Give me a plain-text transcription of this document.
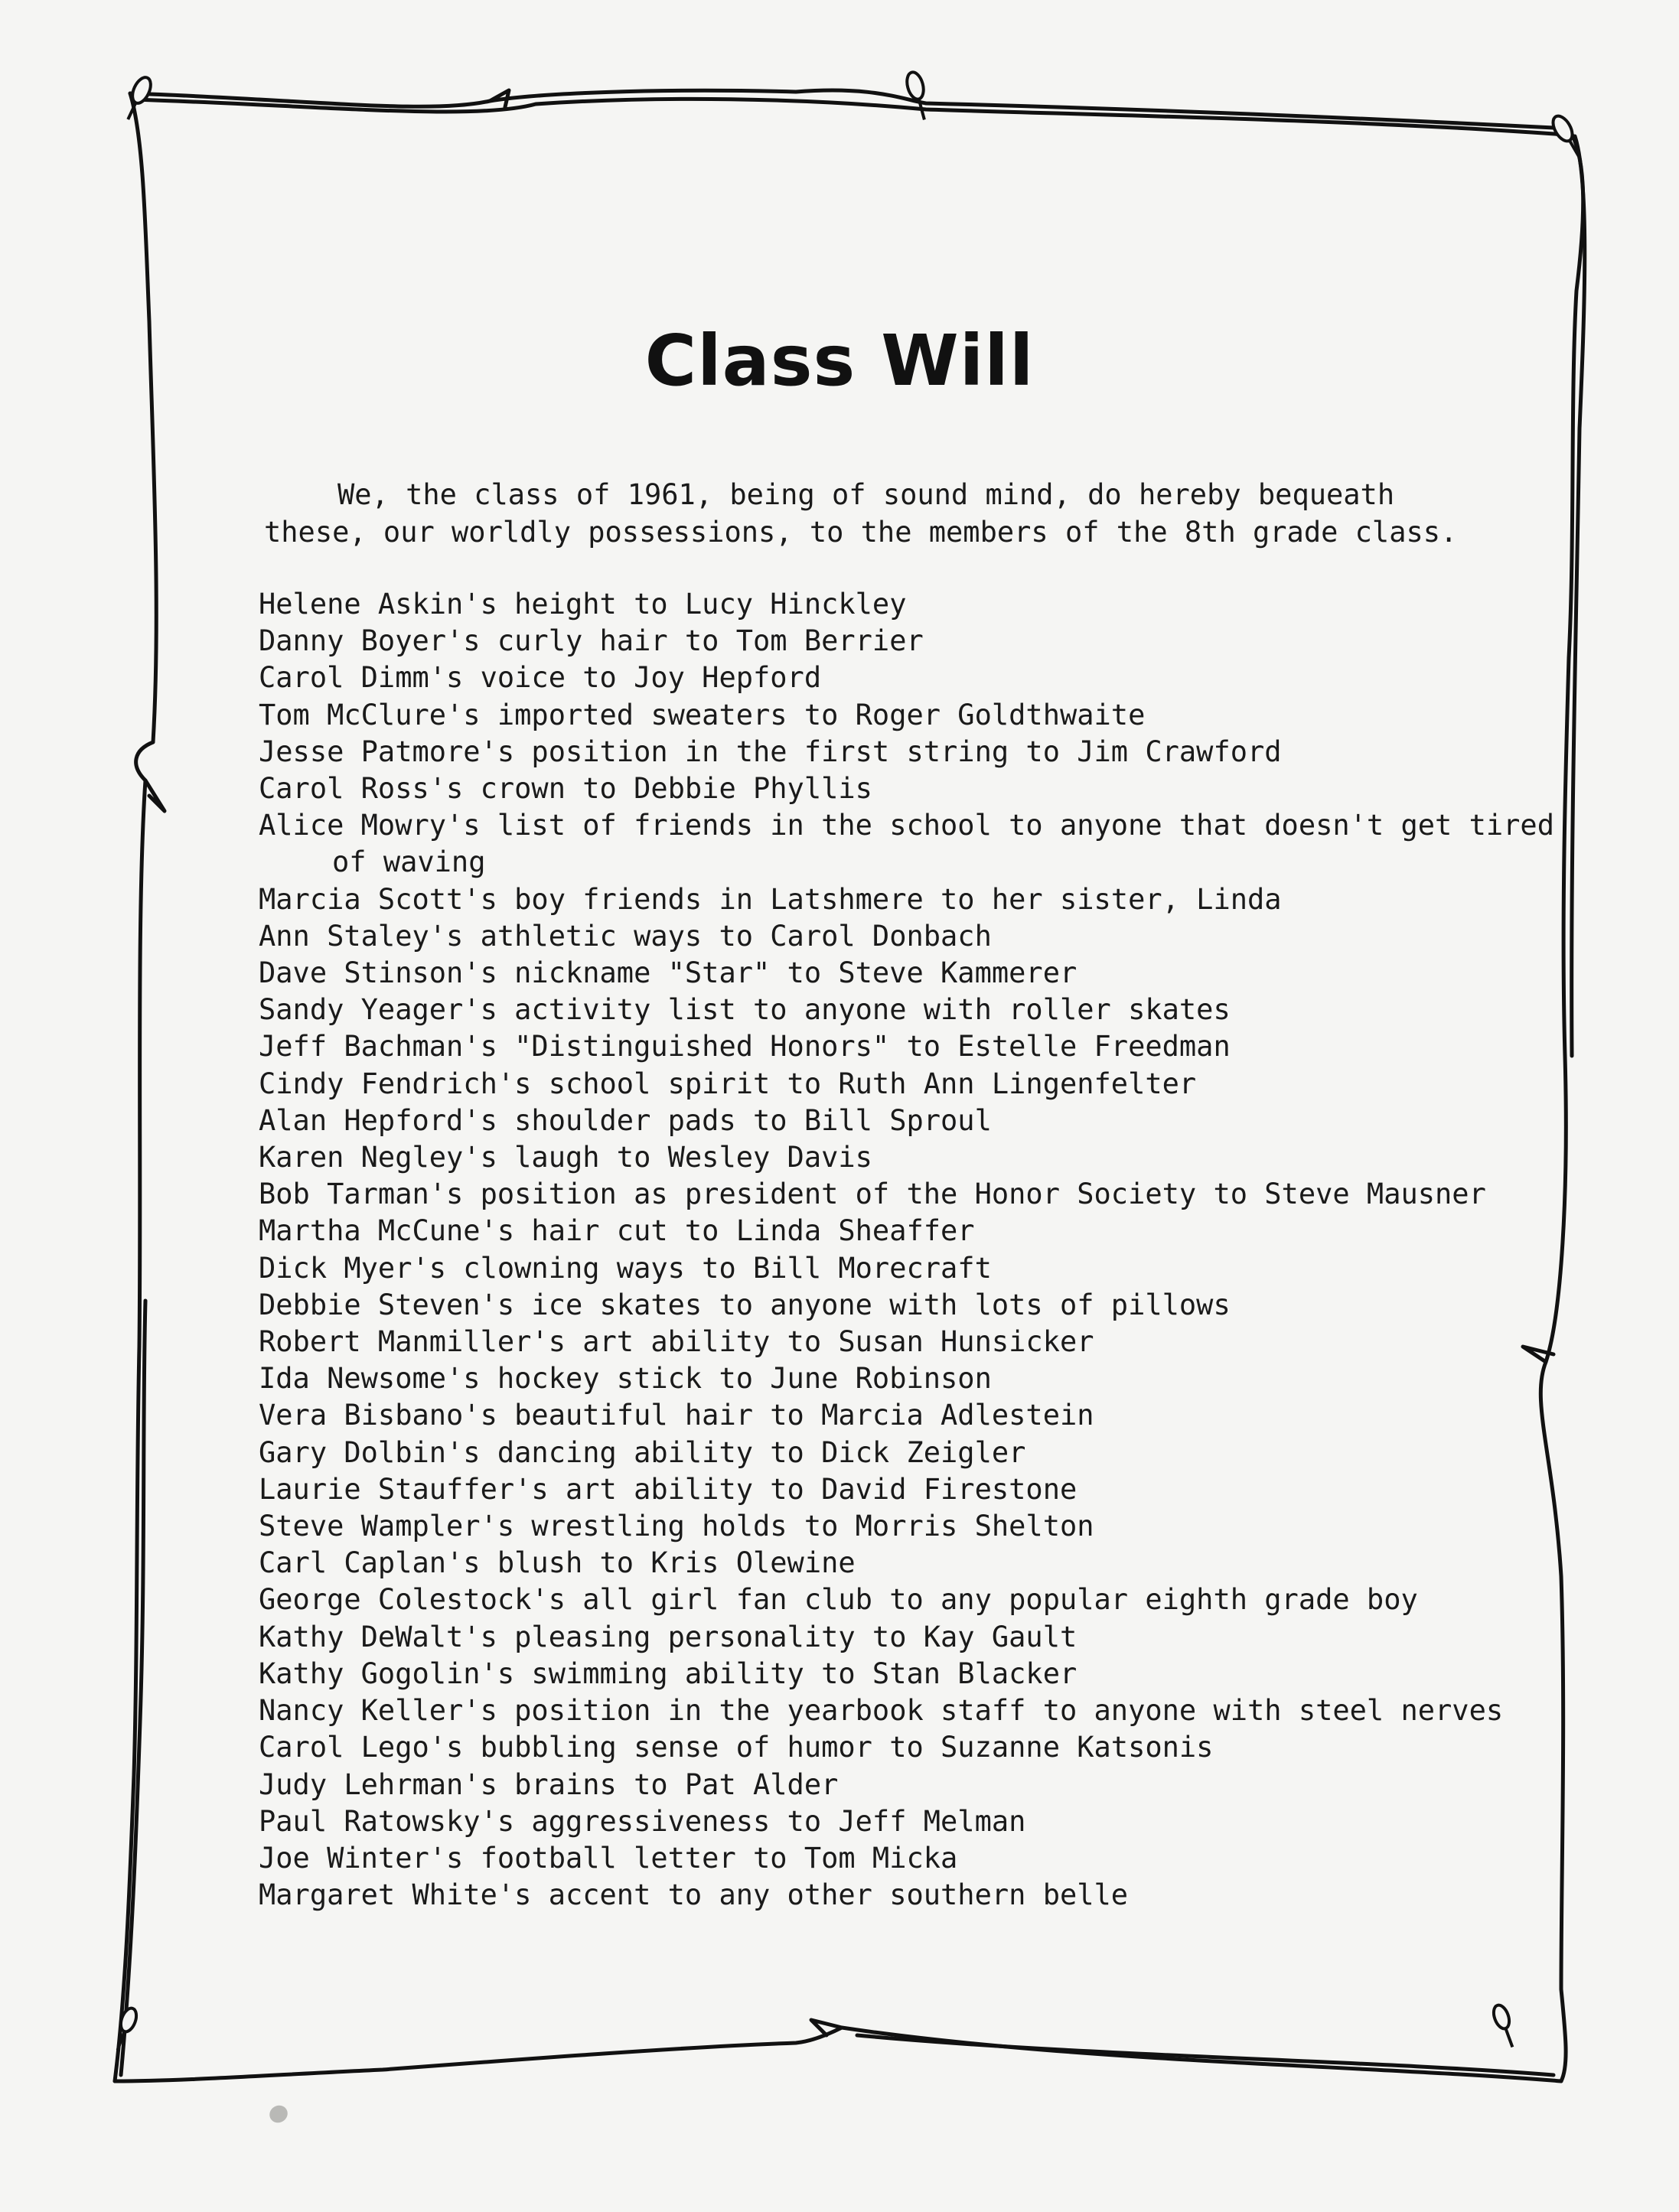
Class Will

We, the class of 1961, being of sound mind, do hereby bequeath
these, our worldly possessions, to the members of the 8th grade class.

Helene Askin's height to Lucy Hinckley
Danny Boyer's curly hair to Tom Berrier
Carol Dimm's voice to Joy Hepford
Tom McClure's imported sweaters to Roger Goldthwaite
Jesse Patmore's position in the first string to Jim Crawford
Carol Ross's crown to Debbie Phyllis
Alice Mowry's list of friends in the school to anyone that doesn't get tired
of waving
Marcia Scott's boy friends in Latshmere to her sister, Linda
Ann Staley's athletic ways to Carol Donbach
Dave Stinson's nickname "Star" to Steve Kammerer
Sandy Yeager's activity list to anyone with roller skates
Jeff Bachman's "Distinguished Honors" to Estelle Freedman
Cindy Fendrich's school spirit to Ruth Ann Lingenfelter
Alan Hepford's shoulder pads to Bill Sproul
Karen Negley's laugh to Wesley Davis
Bob Tarman's position as president of the Honor Society to Steve Mausner
Martha McCune's hair cut to Linda Sheaffer
Dick Myer's clowning ways to Bill Morecraft
Debbie Steven's ice skates to anyone with lots of pillows
Robert Manmiller's art ability to Susan Hunsicker
Ida Newsome's hockey stick to June Robinson
Vera Bisbano's beautiful hair to Marcia Adlestein
Gary Dolbin's dancing ability to Dick Zeigler
Laurie Stauffer's art ability to David Firestone
Steve Wampler's wrestling holds to Morris Shelton
Carl Caplan's blush to Kris Olewine
George Colestock's all girl fan club to any popular eighth grade boy
Kathy DeWalt's pleasing personality to Kay Gault
Kathy Gogolin's swimming ability to Stan Blacker
Nancy Keller's position in the yearbook staff to anyone with steel nerves
Carol Lego's bubbling sense of humor to Suzanne Katsonis
Judy Lehrman's brains to Pat Alder
Paul Ratowsky's aggressiveness to Jeff Melman
Joe Winter's football letter to Tom Micka
Margaret White's accent to any other southern belle
